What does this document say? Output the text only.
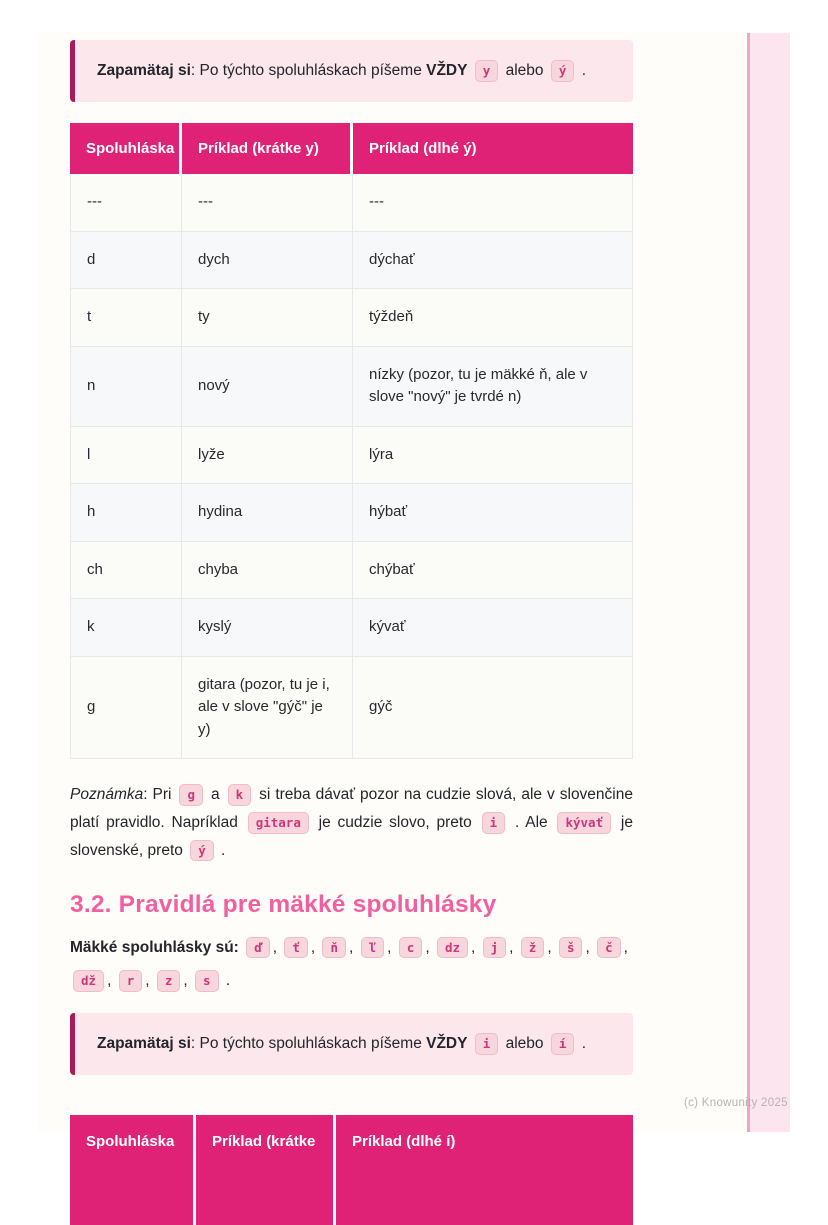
Zapamätaj si: Po týchto spoluhláskach píšeme VŽDY y alebo ý .
Spoluhláska	Príklad (krátke y)	Príklad (dlhé ý)
---	---	---
d	dych	dýchať
t	ty	týždeň
n	nový	nízky (pozor, tu je mäkké ň, ale v slove "nový" je tvrdé n)
l	lyže	lýra
h	hydina	hýbať
ch	chyba	chýbať
k	kyslý	kývať
g	gitara (pozor, tu je i, ale v slove "gýč" je y)	gýč

Poznámka: Pri g a k si treba dávať pozor na cudzie slová, ale v slovenčine platí pravidlo. Napríklad gitara je cudzie slovo, preto i . Ale kývať je slovenské, preto ý .

3.2. Pravidlá pre mäkké spoluhlásky

Mäkké spoluhlásky sú: ď , ť , ň , ľ , c , dz , j , ž , š , č , dž , r , z , s .

Zapamätaj si: Po týchto spoluhláskach píšeme VŽDY i alebo í .
Spoluhláska	Príklad (krátke	Príklad (dlhé í)
(c) Knowunity 2025
